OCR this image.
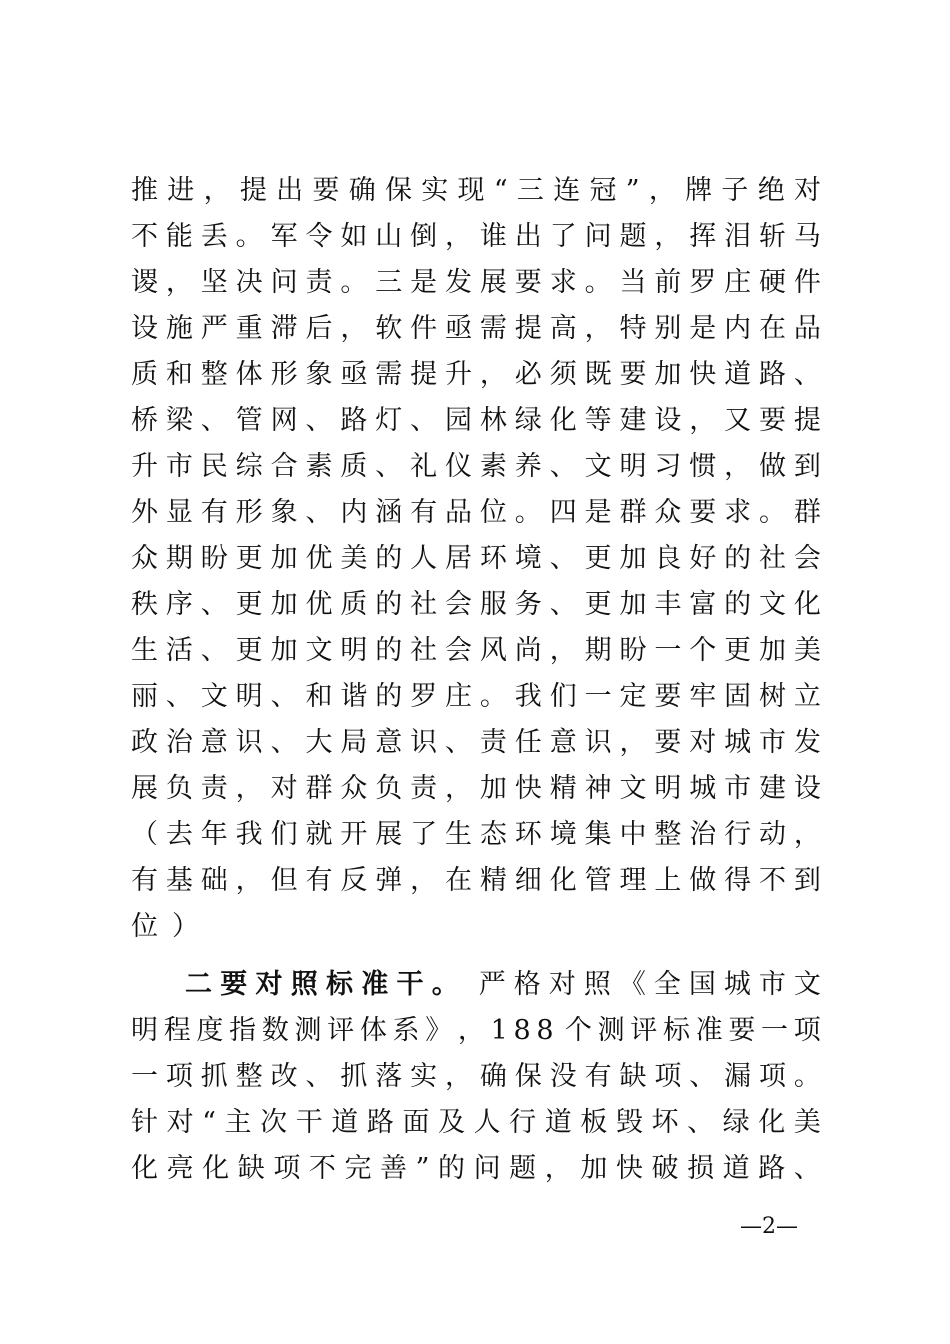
推 进 ， 提 出 要 确 保 实 现 “ 三 连 冠 ” ， 牌 子 绝 对
不 能 丢 。 军 令 如 山 倒 ， 谁 出 了 问 题 ， 挥 泪 斩 马
谡 ， 坚 决 问 责 。 三 是 发 展 要 求 。 当 前 罗 庄 硬 件
设 施 严 重 滞 后 ， 软 件 亟 需 提 高 ， 特 别 是 内 在 品
质 和 整 体 形 象 亟 需 提 升 ， 必 须 既 要 加 快 道 路 、
桥 梁 、 管 网 、 路 灯 、 园 林 绿 化 等 建 设 ， 又 要 提
升 市 民 综 合 素 质 、 礼 仪 素 养 、 文 明 习 惯 ， 做 到
外 显 有 形 象 、 内 涵 有 品 位 。 四 是 群 众 要 求 。 群
众 期 盼 更 加 优 美 的 人 居 环 境 、 更 加 良 好 的 社 会
秩 序 、 更 加 优 质 的 社 会 服 务 、 更 加 丰 富 的 文 化
生 活 、 更 加 文 明 的 社 会 风 尚 ， 期 盼 一 个 更 加 美
丽 、 文 明 、 和 谐 的 罗 庄 。 我 们 一 定 要 牢 固 树 立
政 治 意 识 、 大 局 意 识 、 责 任 意 识 ， 要 对 城 市 发
展 负 责 ， 对 群 众 负 责 ， 加 快 精 神 文 明 城 市 建 设
（ 去 年 我 们 就 开 展 了 生 态 环 境 集 中 整 治 行 动 ，
有 基 础 ， 但 有 反 弹 ， 在 精 细 化 管 理 上 做 得 不 到
位）
二 要 对 照 标 准 干 。 严 格 对 照 《 全 国 城 市 文
明 程 度 指 数 测 评 体 系 》 ， 1 8 8 个 测 评 标 准 要 一 项
一 项 抓 整 改 、 抓 落 实 ， 确 保 没 有 缺 项 、 漏 项 。
针 对 “ 主 次 干 道 路 面 及 人 行 道 板 毁 坏 、 绿 化 美
化 亮 化 缺 项 不 完 善 ” 的 问 题 ， 加 快 破 损 道 路 、
—2—
